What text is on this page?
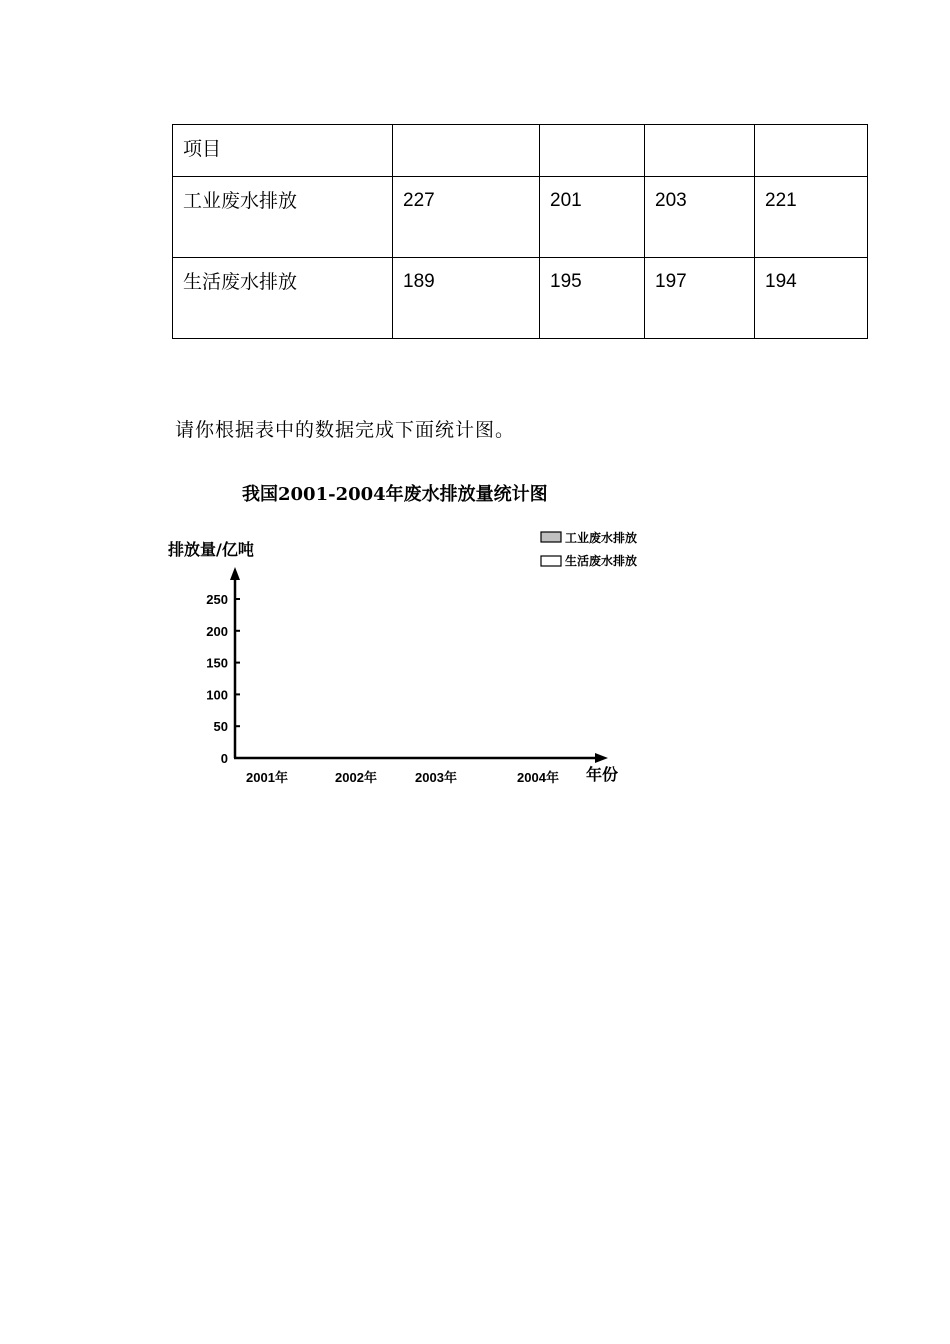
项目				
工业废水排放	227	201	203	221
生活废水排放	189	195	197	194
请你根据表中的数据完成下面统计图。
我国2001-2004年废水排放量统计图
排放量/亿吨
年份
工业废水排放
生活废水排放
0
50
100
150
200
250
2001年	2002年	2003年	2004年
